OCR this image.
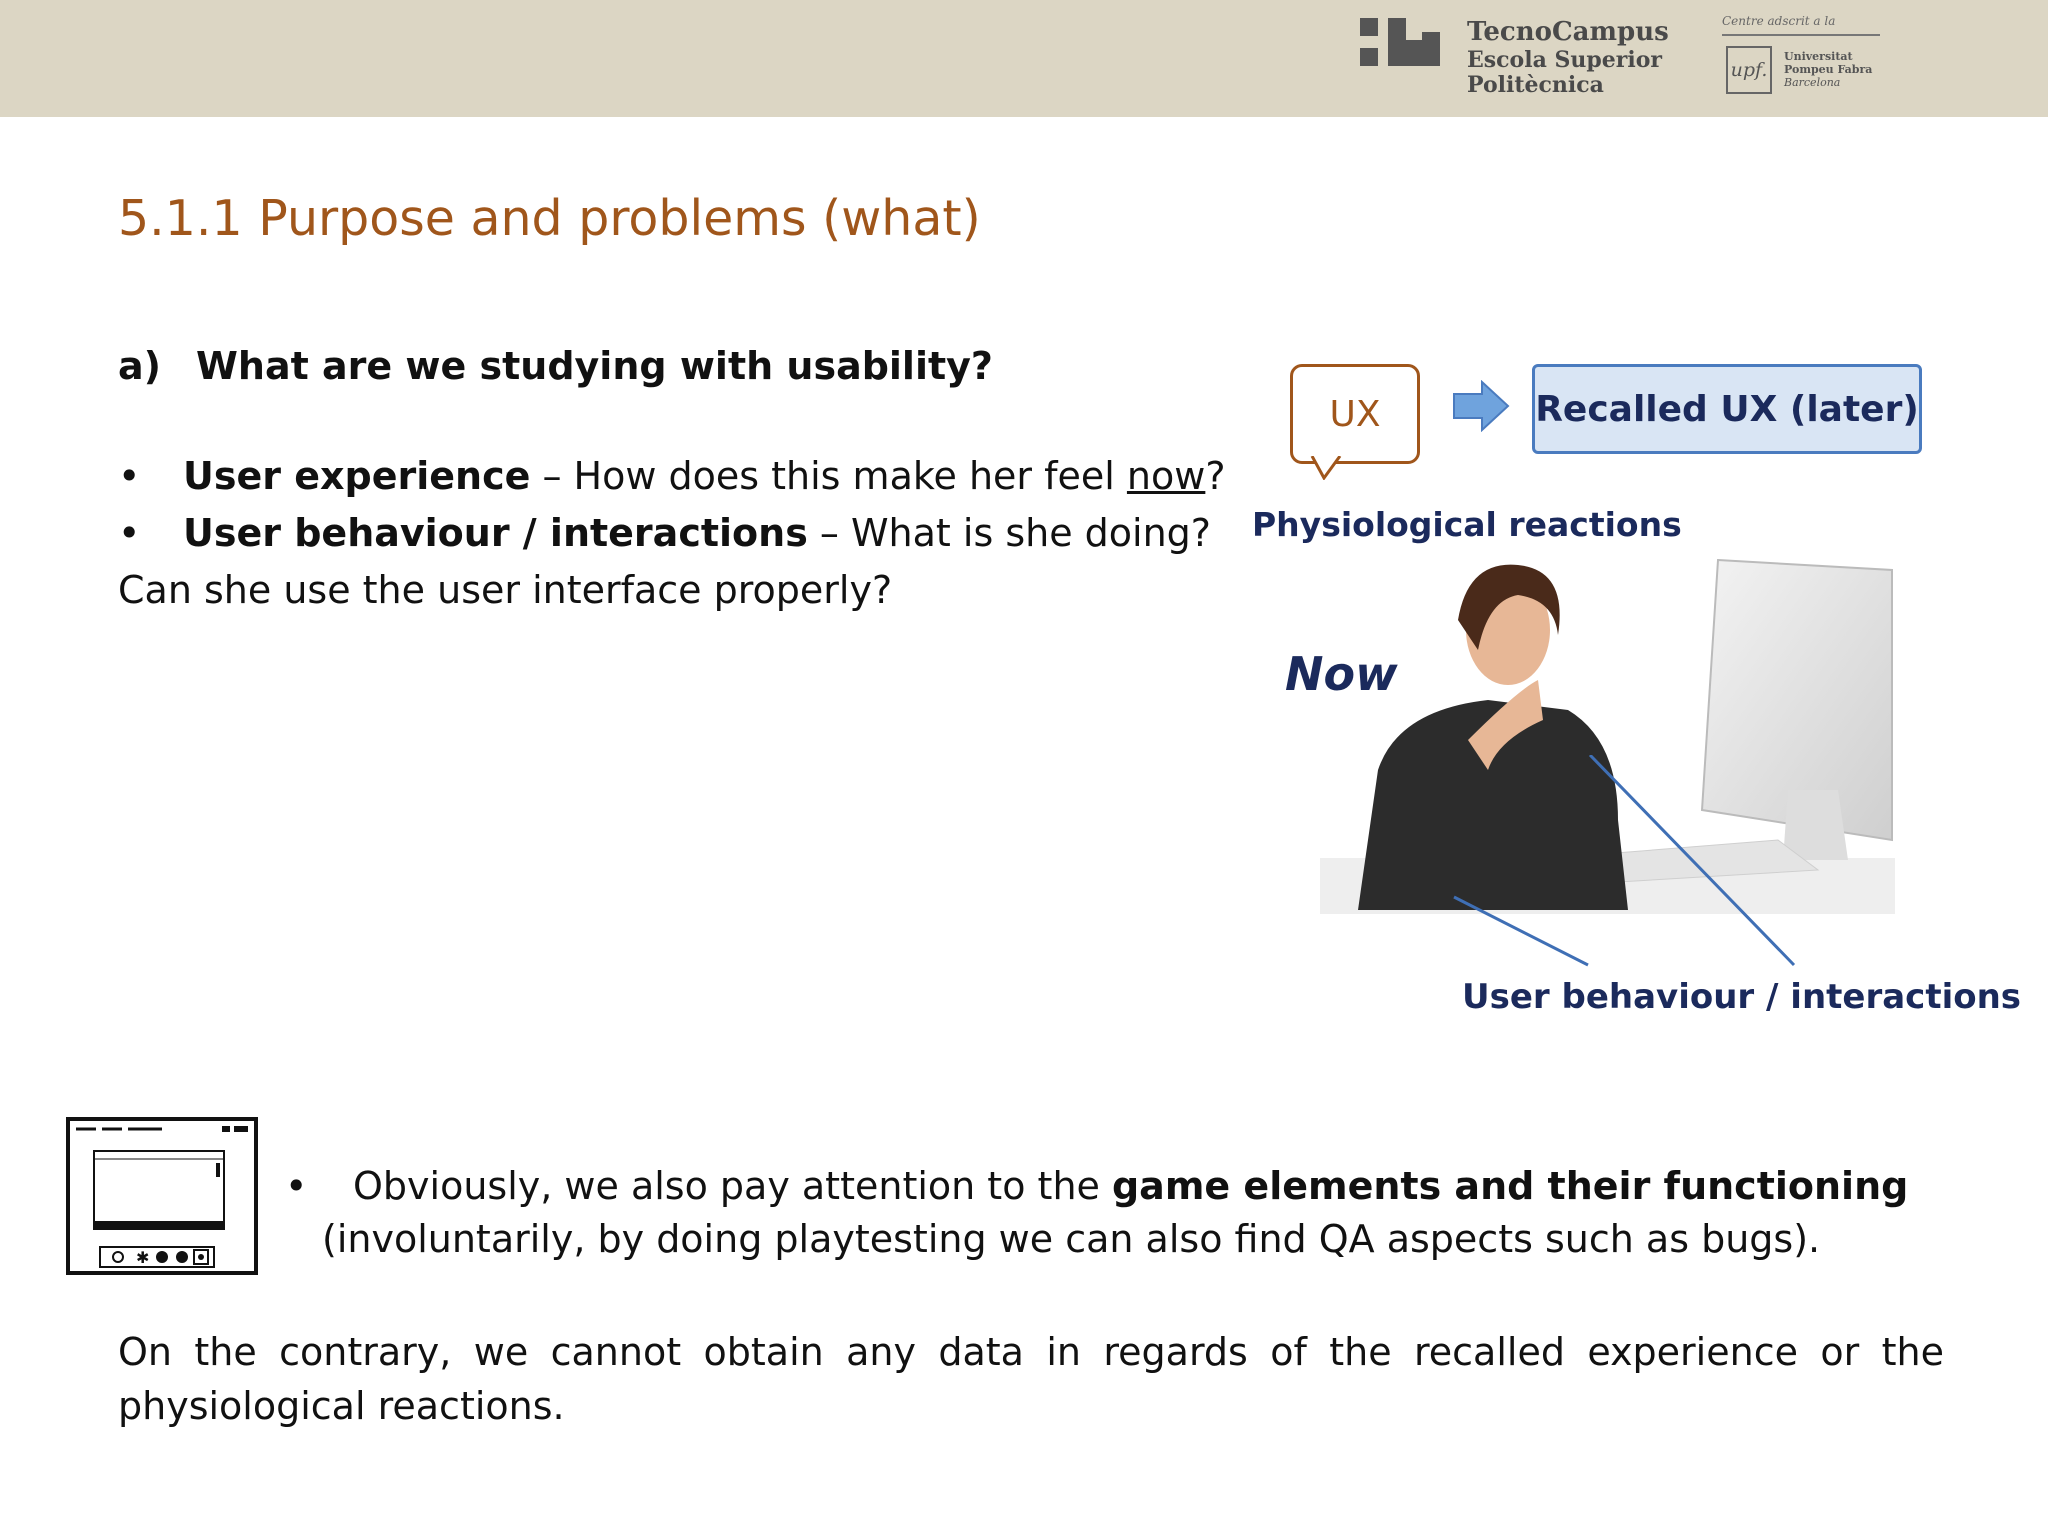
TecnoCampus
Escola Superior
Politècnica
Centre adscrit a la
upf.
Universitat
Pompeu Fabra
Barcelona
5.1.1 Purpose and problems (what)
a) What are we studying with usability?
• User experience – How does this make her feel now?
• User behaviour / interactions – What is she doing?
Can she use the user interface properly?
UX	Recalled UX (later)
Physiological reactions
Now
User behaviour / interactions
✱
• Obviously, we also pay attention to the game elements and their functioning
(involuntarily, by doing playtesting we can also find QA aspects such as bugs).
On the contrary, we cannot obtain any data in regards of the recalled experience or the physiological reactions.
